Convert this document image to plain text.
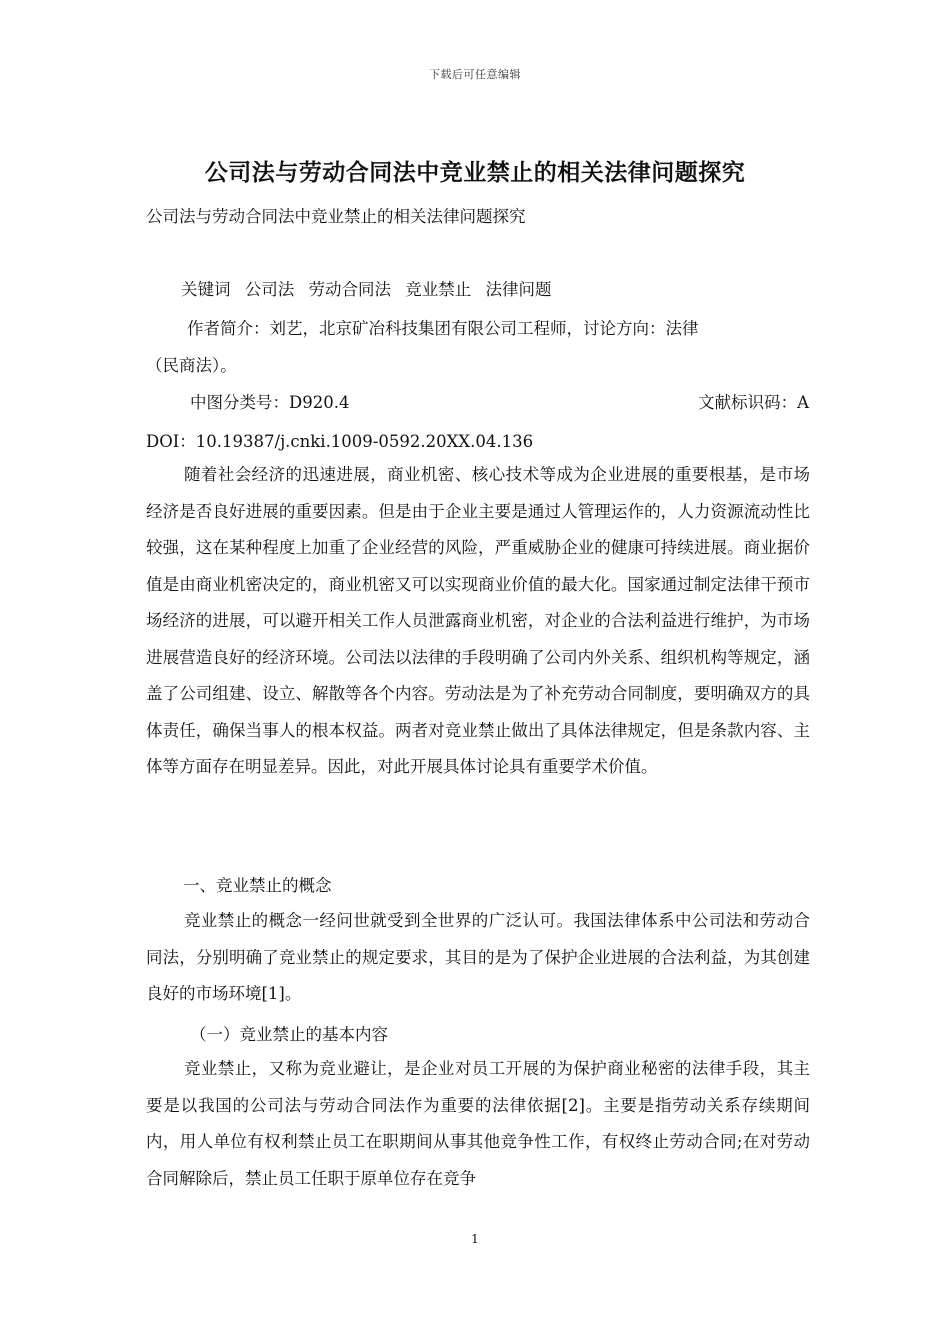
下载后可任意编辑
公司法与劳动合同法中竞业禁止的相关法律问题探究
公司法与劳动合同法中竞业禁止的相关法律问题探究
关键词 公司法 劳动合同法 竞业禁止 法律问题
作者简介：刘艺，北京矿冶科技集团有限公司工程师，讨论方向：法律
（民商法）。
中图分类号：D920.4	文献标识码：A
DOI：10.19387/j.cnki.1009-0592.20XX.04.136

随着社会经济的迅速进展，商业机密、核心技术等成为企业进展的重要根基，是市场经济是否良好进展的重要因素。但是由于企业主要是通过人管理运作的，人力资源流动性比较强，这在某种程度上加重了企业经营的风险，严重威胁企业的健康可持续进展。商业据价值是由商业机密决定的，商业机密又可以实现商业价值的最大化。国家通过制定法律干预市场经济的进展，可以避开相关工作人员泄露商业机密，对企业的合法利益进行维护，为市场进展营造良好的经济环境。公司法以法律的手段明确了公司内外关系、组织机构等规定，涵盖了公司组建、设立、解散等各个内容。劳动法是为了补充劳动合同制度，要明确双方的具体责任，确保当事人的根本权益。两者对竞业禁止做出了具体法律规定，但是条款内容、主体等方面存在明显差异。因此，对此开展具体讨论具有重要学术价值。

一、竞业禁止的概念

竞业禁止的概念一经问世就受到全世界的广泛认可。我国法律体系中公司法和劳动合同法，分别明确了竞业禁止的规定要求，其目的是为了保护企业进展的合法利益，为其创建良好的市场环境[1]。

（一）竞业禁止的基本内容

竞业禁止，又称为竞业避让，是企业对员工开展的为保护商业秘密的法律手段，其主要是以我国的公司法与劳动合同法作为重要的法律依据[2]。主要是指劳动关系存续期间内，用人单位有权利禁止员工在职期间从事其他竞争性工作，有权终止劳动合同;在对劳动合同解除后，禁止员工任职于原单位存在竞争

1
